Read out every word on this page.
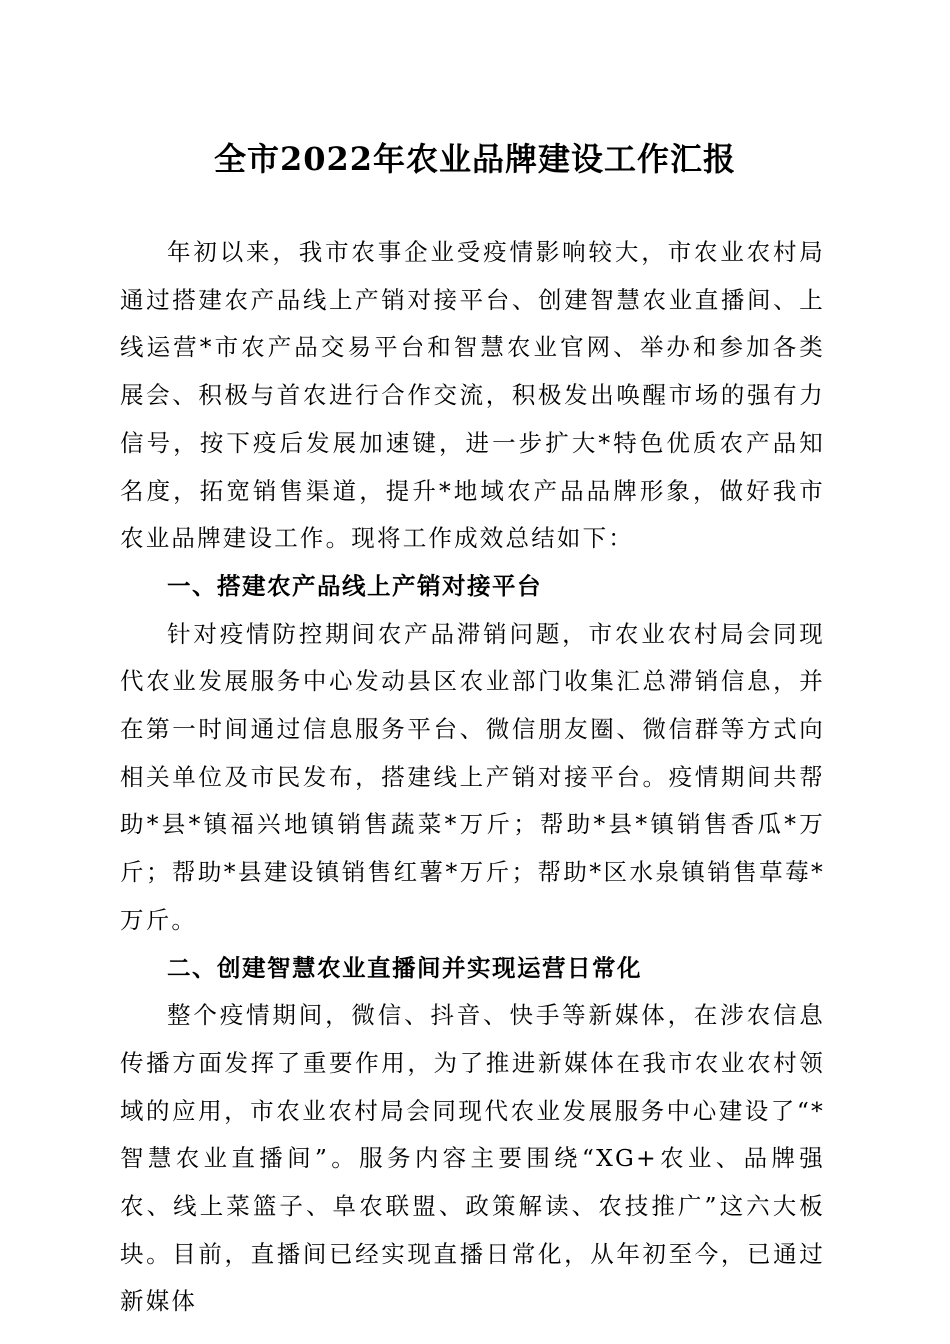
全市2022年农业品牌建设工作汇报

年初以来，我市农事企业受疫情影响较大，市农业农村局通过搭建农产品线上产销对接平台、创建智慧农业直播间、上线运营*市农产品交易平台和智慧农业官网、举办和参加各类展会、积极与首农进行合作交流，积极发出唤醒市场的强有力信号，按下疫后发展加速键，进一步扩大*特色优质农产品知名度，拓宽销售渠道，提升*地域农产品品牌形象，做好我市农业品牌建设工作。现将工作成效总结如下：

一、搭建农产品线上产销对接平台

针对疫情防控期间农产品滞销问题，市农业农村局会同现代农业发展服务中心发动县区农业部门收集汇总滞销信息，并在第一时间通过信息服务平台、微信朋友圈、微信群等方式向相关单位及市民发布，搭建线上产销对接平台。疫情期间共帮助*县*镇福兴地镇销售蔬菜*万斤；帮助*县*镇销售香瓜*万斤；帮助*县建设镇销售红薯*万斤；帮助*区水泉镇销售草莓*万斤。

二、创建智慧农业直播间并实现运营日常化

整个疫情期间，微信、抖音、快手等新媒体，在涉农信息传播方面发挥了重要作用，为了推进新媒体在我市农业农村领域的应用，市农业农村局会同现代农业发展服务中心建设了“*智慧农业直播间”。服务内容主要围绕“XG+农业、品牌强农、线上菜篮子、阜农联盟、政策解读、农技推广”这六大板块。目前，直播间已经实现直播日常化，从年初至今，已通过新媒体
